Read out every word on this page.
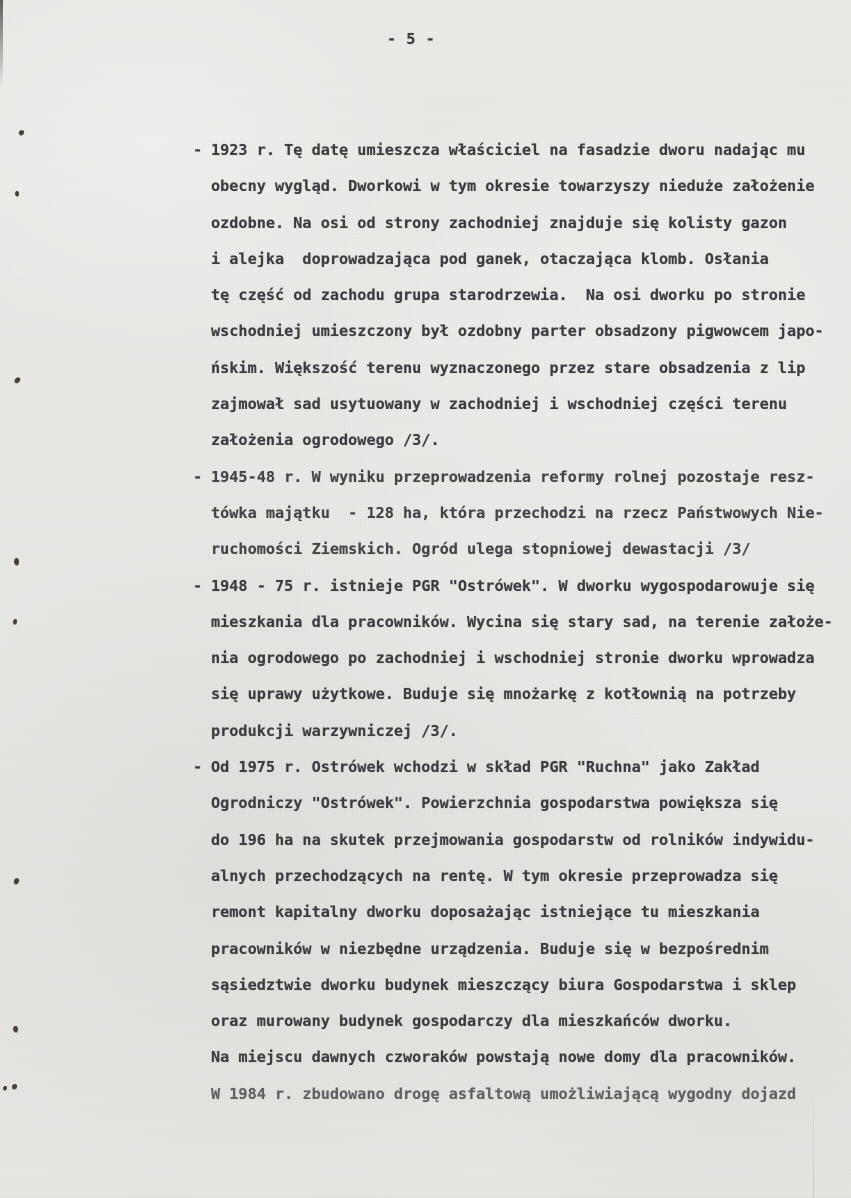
- 5 -
- 1923 r. Tę datę umieszcza właściciel na fasadzie dworu nadając mu
obecny wygląd. Dworkowi w tym okresie towarzyszy nieduże założenie
ozdobne. Na osi od strony zachodniej znajduje się kolisty gazon
i alejka  doprowadzająca pod ganek, otaczająca klomb. Osłania
tę część od zachodu grupa starodrzewia.  Na osi dworku po stronie
wschodniej umieszczony był ozdobny parter obsadzony pigwowcem japo-
ńskim. Większość terenu wyznaczonego przez stare obsadzenia z lip
zajmował sad usytuowany w zachodniej i wschodniej części terenu
założenia ogrodowego /3/.
- 1945-48 r. W wyniku przeprowadzenia reformy rolnej pozostaje resz-
tówka majątku  - 128 ha, która przechodzi na rzecz Państwowych Nie-
ruchomości Ziemskich. Ogród ulega stopniowej dewastacji /3/
- 1948 - 75 r. istnieje PGR "Ostrówek". W dworku wygospodarowuje się
mieszkania dla pracowników. Wycina się stary sad, na terenie założe-
nia ogrodowego po zachodniej i wschodniej stronie dworku wprowadza
się uprawy użytkowe. Buduje się mnożarkę z kotłownią na potrzeby
produkcji warzywniczej /3/.
- Od 1975 r. Ostrówek wchodzi w skład PGR "Ruchna" jako Zakład
Ogrodniczy "Ostrówek". Powierzchnia gospodarstwa powiększa się
do 196 ha na skutek przejmowania gospodarstw od rolników indywidu-
alnych przechodzących na rentę. W tym okresie przeprowadza się
remont kapitalny dworku doposażając istniejące tu mieszkania
pracowników w niezbędne urządzenia. Buduje się w bezpośrednim
sąsiedztwie dworku budynek mieszczący biura Gospodarstwa i sklep
oraz murowany budynek gospodarczy dla mieszkańców dworku.
Na miejscu dawnych czworaków powstają nowe domy dla pracowników.
W 1984 r. zbudowano drogę asfaltową umożliwiającą wygodny dojazd
